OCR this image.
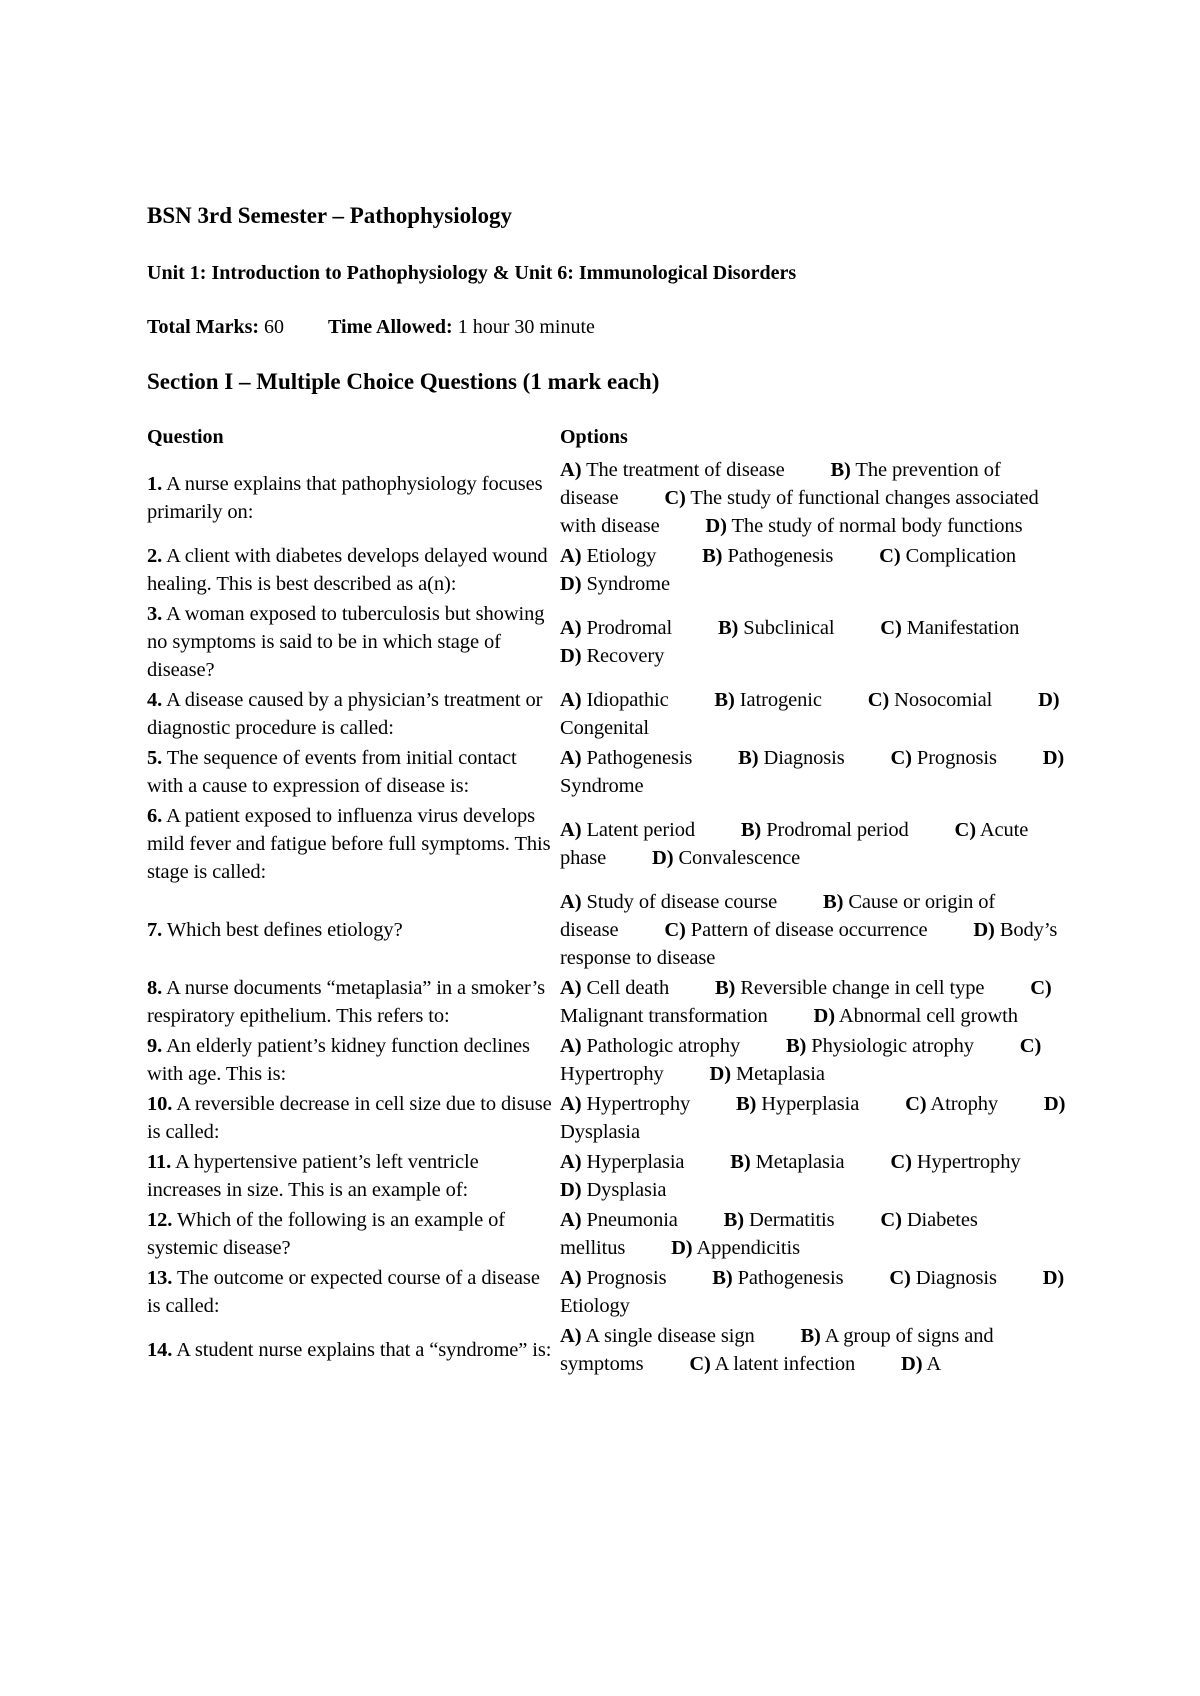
BSN 3rd Semester – Pathophysiology
Unit 1: Introduction to Pathophysiology & Unit 6: Immunological Disorders
Total Marks: 60 Time Allowed: 1 hour 30 minute
Section I – Multiple Choice Questions (1 mark each)
Question	Options
1. A nurse explains that pathophysiology focuses primarily on:	A) The treatment of disease   B) The prevention of disease   C) The study of functional changes associated with disease   D) The study of normal body functions
2. A client with diabetes develops delayed wound healing. This is best described as a(n):	A) Etiology   B) Pathogenesis   C) Complication   D) Syndrome
3. A woman exposed to tuberculosis but showing no symptoms is said to be in which stage of disease?	A) Prodromal   B) Subclinical   C) Manifestation   D) Recovery
4. A disease caused by a physician’s treatment or diagnostic procedure is called:	A) Idiopathic   B) Iatrogenic   C) Nosocomial   D) Congenital
5. The sequence of events from initial contact with a cause to expression of disease is:	A) Pathogenesis   B) Diagnosis   C) Prognosis   D) Syndrome
6. A patient exposed to influenza virus develops mild fever and fatigue before full symptoms. This stage is called:	A) Latent period   B) Prodromal period   C) Acute phase   D) Convalescence
7. Which best defines etiology?	A) Study of disease course   B) Cause or origin of disease   C) Pattern of disease occurrence   D) Body’s response to disease
8. A nurse documents “metaplasia” in a smoker’s respiratory epithelium. This refers to:	A) Cell death   B) Reversible change in cell type   C) Malignant transformation   D) Abnormal cell growth
9. An elderly patient’s kidney function declines with age. This is:	A) Pathologic atrophy   B) Physiologic atrophy   C) Hypertrophy   D) Metaplasia
10. A reversible decrease in cell size due to disuse is called:	A) Hypertrophy   B) Hyperplasia   C) Atrophy   D) Dysplasia
11. A hypertensive patient’s left ventricle increases in size. This is an example of:	A) Hyperplasia   B) Metaplasia   C) Hypertrophy   D) Dysplasia
12. Which of the following is an example of systemic disease?	A) Pneumonia   B) Dermatitis   C) Diabetes mellitus   D) Appendicitis
13. The outcome or expected course of a disease is called:	A) Prognosis   B) Pathogenesis   C) Diagnosis   D) Etiology
14. A student nurse explains that a “syndrome” is:	A) A single disease sign   B) A group of signs and symptoms   C) A latent infection   D) A
